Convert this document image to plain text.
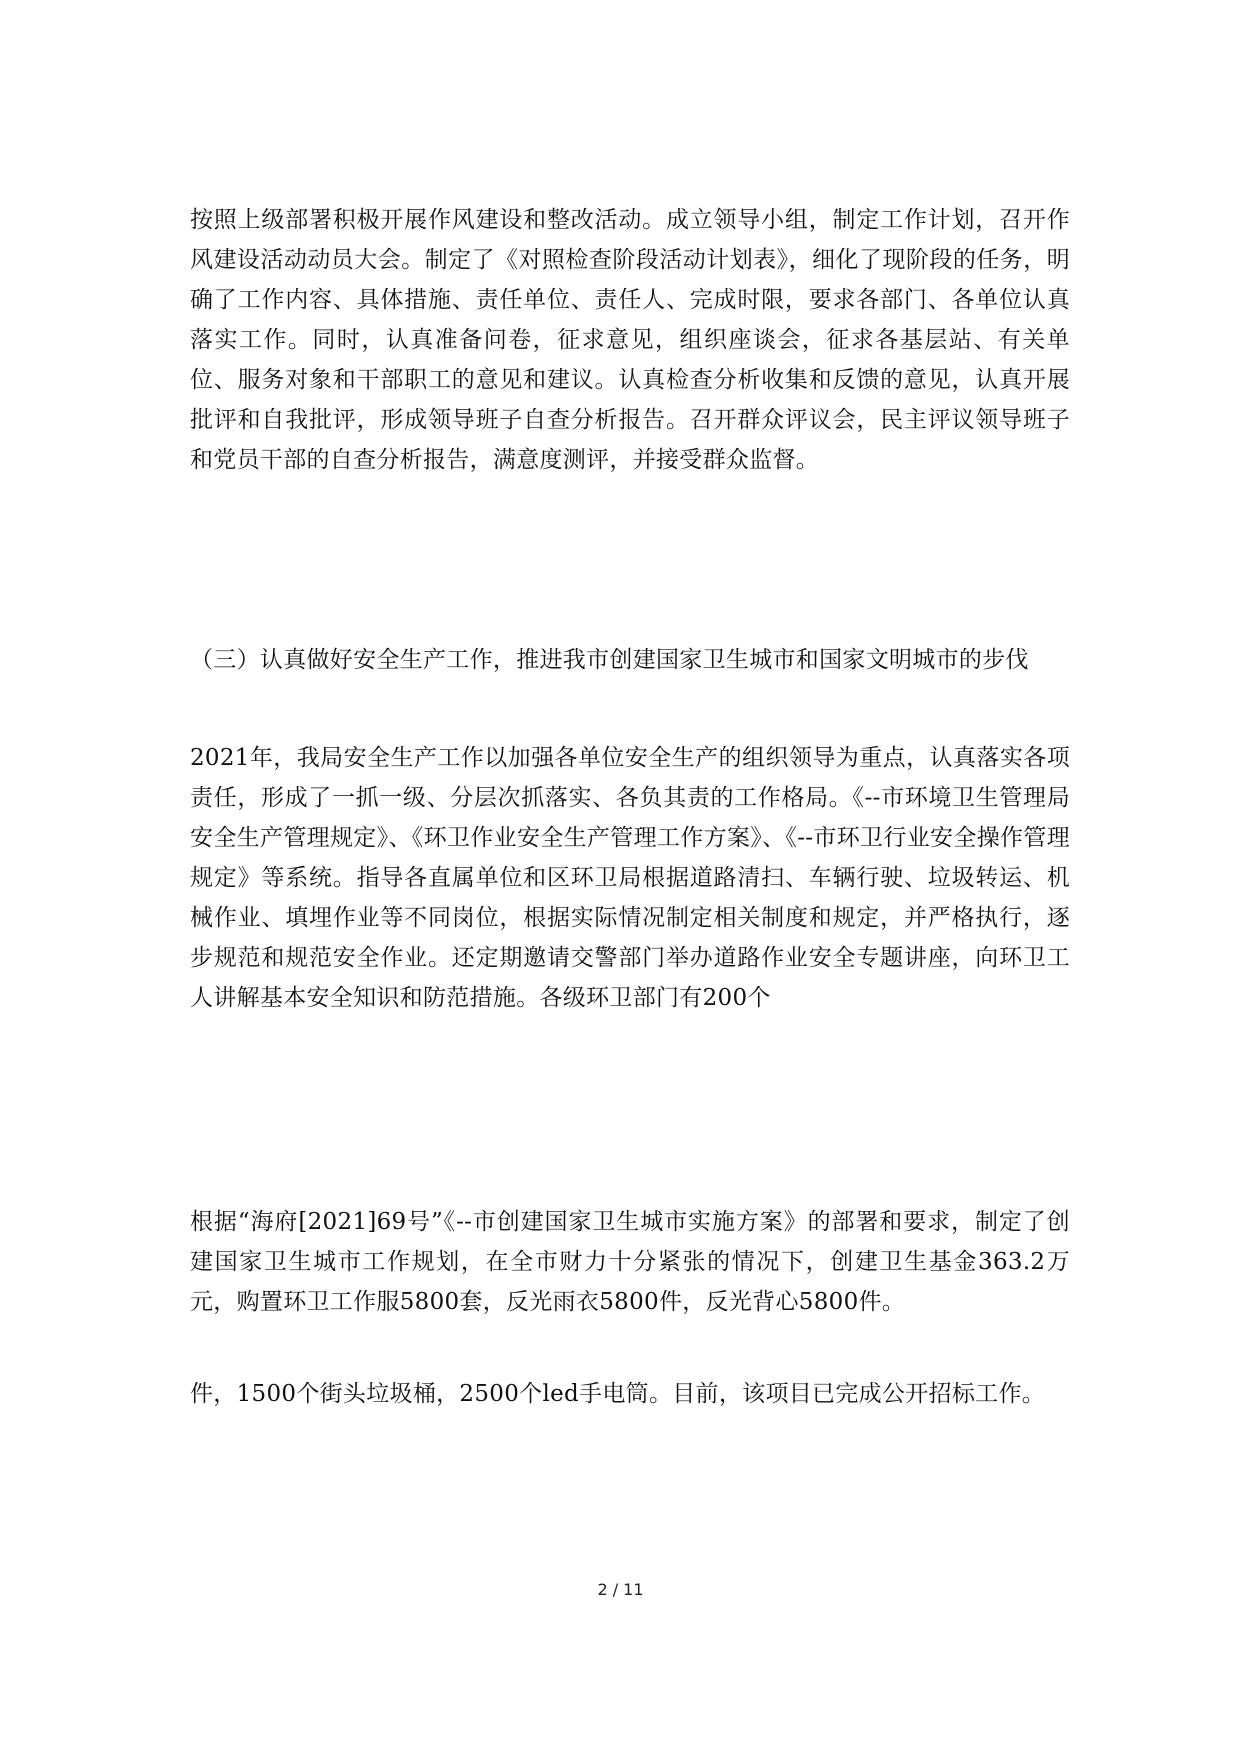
按照上级部署积极开展作风建设和整改活动。成立领导小组，制定工作计划，召开作风建设活动动员大会。制定了《对照检查阶段活动计划表》，细化了现阶段的任务，明确了工作内容、具体措施、责任单位、责任人、完成时限，要求各部门、各单位认真落实工作。同时，认真准备问卷，征求意见，组织座谈会，征求各基层站、有关单位、服务对象和干部职工的意见和建议。认真检查分析收集和反馈的意见，认真开展批评和自我批评，形成领导班子自查分析报告。召开群众评议会，民主评议领导班子和党员干部的自查分析报告，满意度测评，并接受群众监督。

（三）认真做好安全生产工作，推进我市创建国家卫生城市和国家文明城市的步伐

2021年，我局安全生产工作以加强各单位安全生产的组织领导为重点，认真落实各项责任，形成了一抓一级、分层次抓落实、各负其责的工作格局。《--市环境卫生管理局安全生产管理规定》、《环卫作业安全生产管理工作方案》、《--市环卫行业安全操作管理规定》等系统。指导各直属单位和区环卫局根据道路清扫、车辆行驶、垃圾转运、机械作业、填埋作业等不同岗位，根据实际情况制定相关制度和规定，并严格执行，逐步规范和规范安全作业。还定期邀请交警部门举办道路作业安全专题讲座，向环卫工人讲解基本安全知识和防范措施。各级环卫部门有200个

根据“海府[2021]69号”《--市创建国家卫生城市实施方案》的部署和要求，制定了创建国家卫生城市工作规划，在全市财力十分紧张的情况下，创建卫生基金363.2万元，购置环卫工作服5800套，反光雨衣5800件，反光背心5800件。

件，1500个街头垃圾桶，2500个led手电筒。目前，该项目已完成公开招标工作。

2 / 11
